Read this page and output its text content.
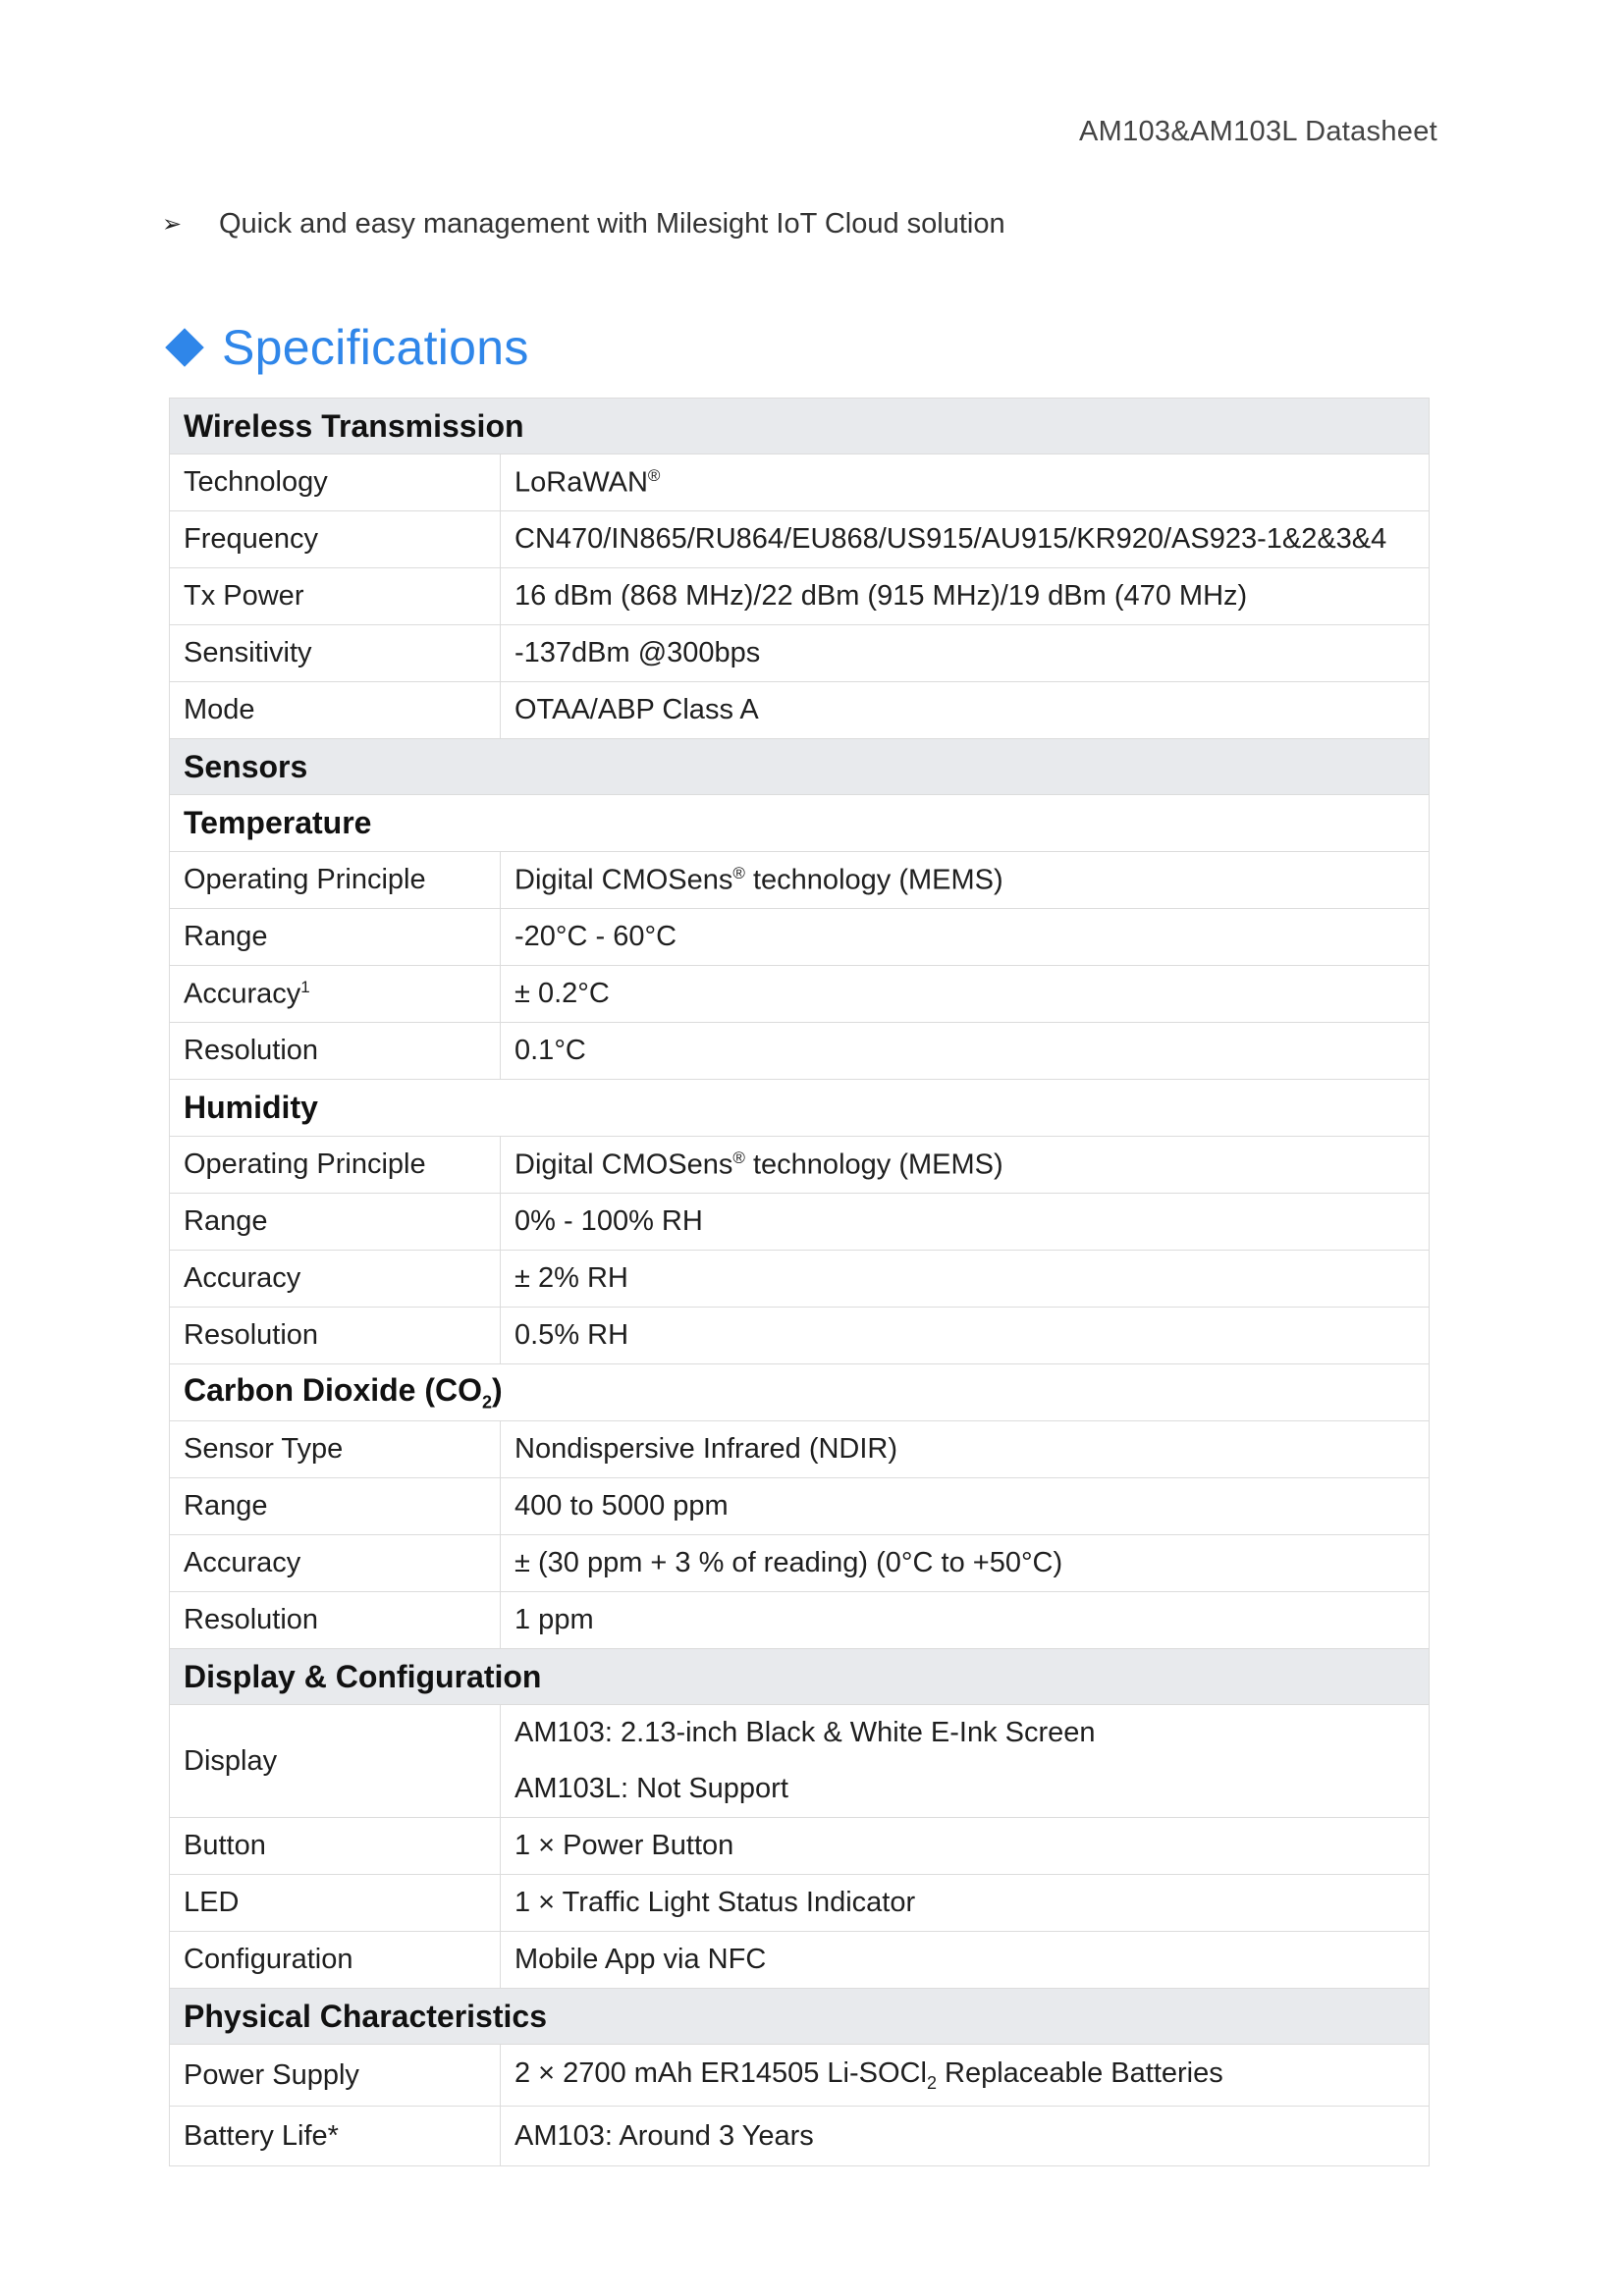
AM103&AM103L Datasheet
➢	Quick and easy management with Milesight IoT Cloud solution
Specifications
Wireless Transmission	
Technology	LoRaWAN®
Frequency	CN470/IN865/RU864/EU868/US915/AU915/KR920/AS923-1&2&3&4
Tx Power	16 dBm (868 MHz)/22 dBm (915 MHz)/19 dBm (470 MHz)
Sensitivity	-137dBm @300bps
Mode	OTAA/ABP Class A
Sensors	
Temperature	
Operating Principle	Digital CMOSens® technology (MEMS)
Range	-20°C - 60°C
Accuracy$^1$	± 0.2°C
Resolution	0.1°C
Humidity	
Operating Principle	Digital CMOSens® technology (MEMS)
Range	0% - 100% RH
Accuracy	± 2% RH
Resolution	0.5% RH
Carbon Dioxide $(CO_2)$	
Sensor Type	Nondispersive Infrared (NDIR)
Range	400 to 5000 ppm
Accuracy	± (30 ppm + 3 % of reading) (0°C to +50°C)
Resolution	1 ppm
Display & Configuration	
Display	AM103: 2.13-inch Black & White E-Ink Screen
AM103L: Not Support

Button	1 × Power Button
LED	1 × Traffic Light Status Indicator
Configuration	Mobile App via NFC
Physical Characteristics	
Power Supply	2 × 2700 mAh ER14505 Li-SOCl$_2$ Replaceable Batteries
Battery Life*	AM103: Around 3 Years
